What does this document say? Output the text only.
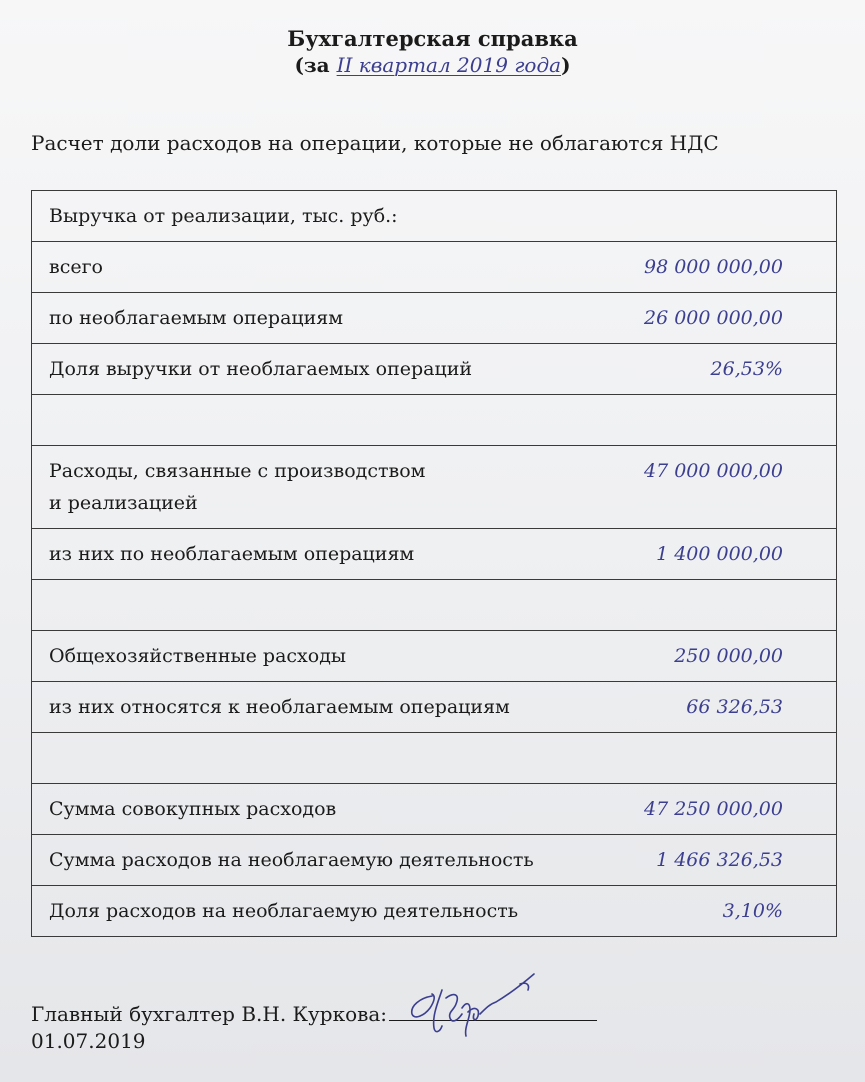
Бухгалтерская справка
(за II квартал 2019 года)
Расчет доли расходов на операции, которые не облагаются НДС
Выручка от реализации, тыс. руб.:	
всего	98 000 000,00
по необлагаемым операциям	26 000 000,00
Доля выручки от необлагаемых операций	26,53%

Расходы, связанные с производством
и реализацией	47 000 000,00
из них по необлагаемым операциям	1 400 000,00

Общехозяйственные расходы	250 000,00
из них относятся к необлагаемым операциям	66 326,53

Сумма совокупных расходов	47 250 000,00
Сумма расходов на необлагаемую деятельность	1 466 326,53
Доля расходов на необлагаемую деятельность	3,10%
Главный бухгалтер В.Н. Куркова:
01.07.2019
